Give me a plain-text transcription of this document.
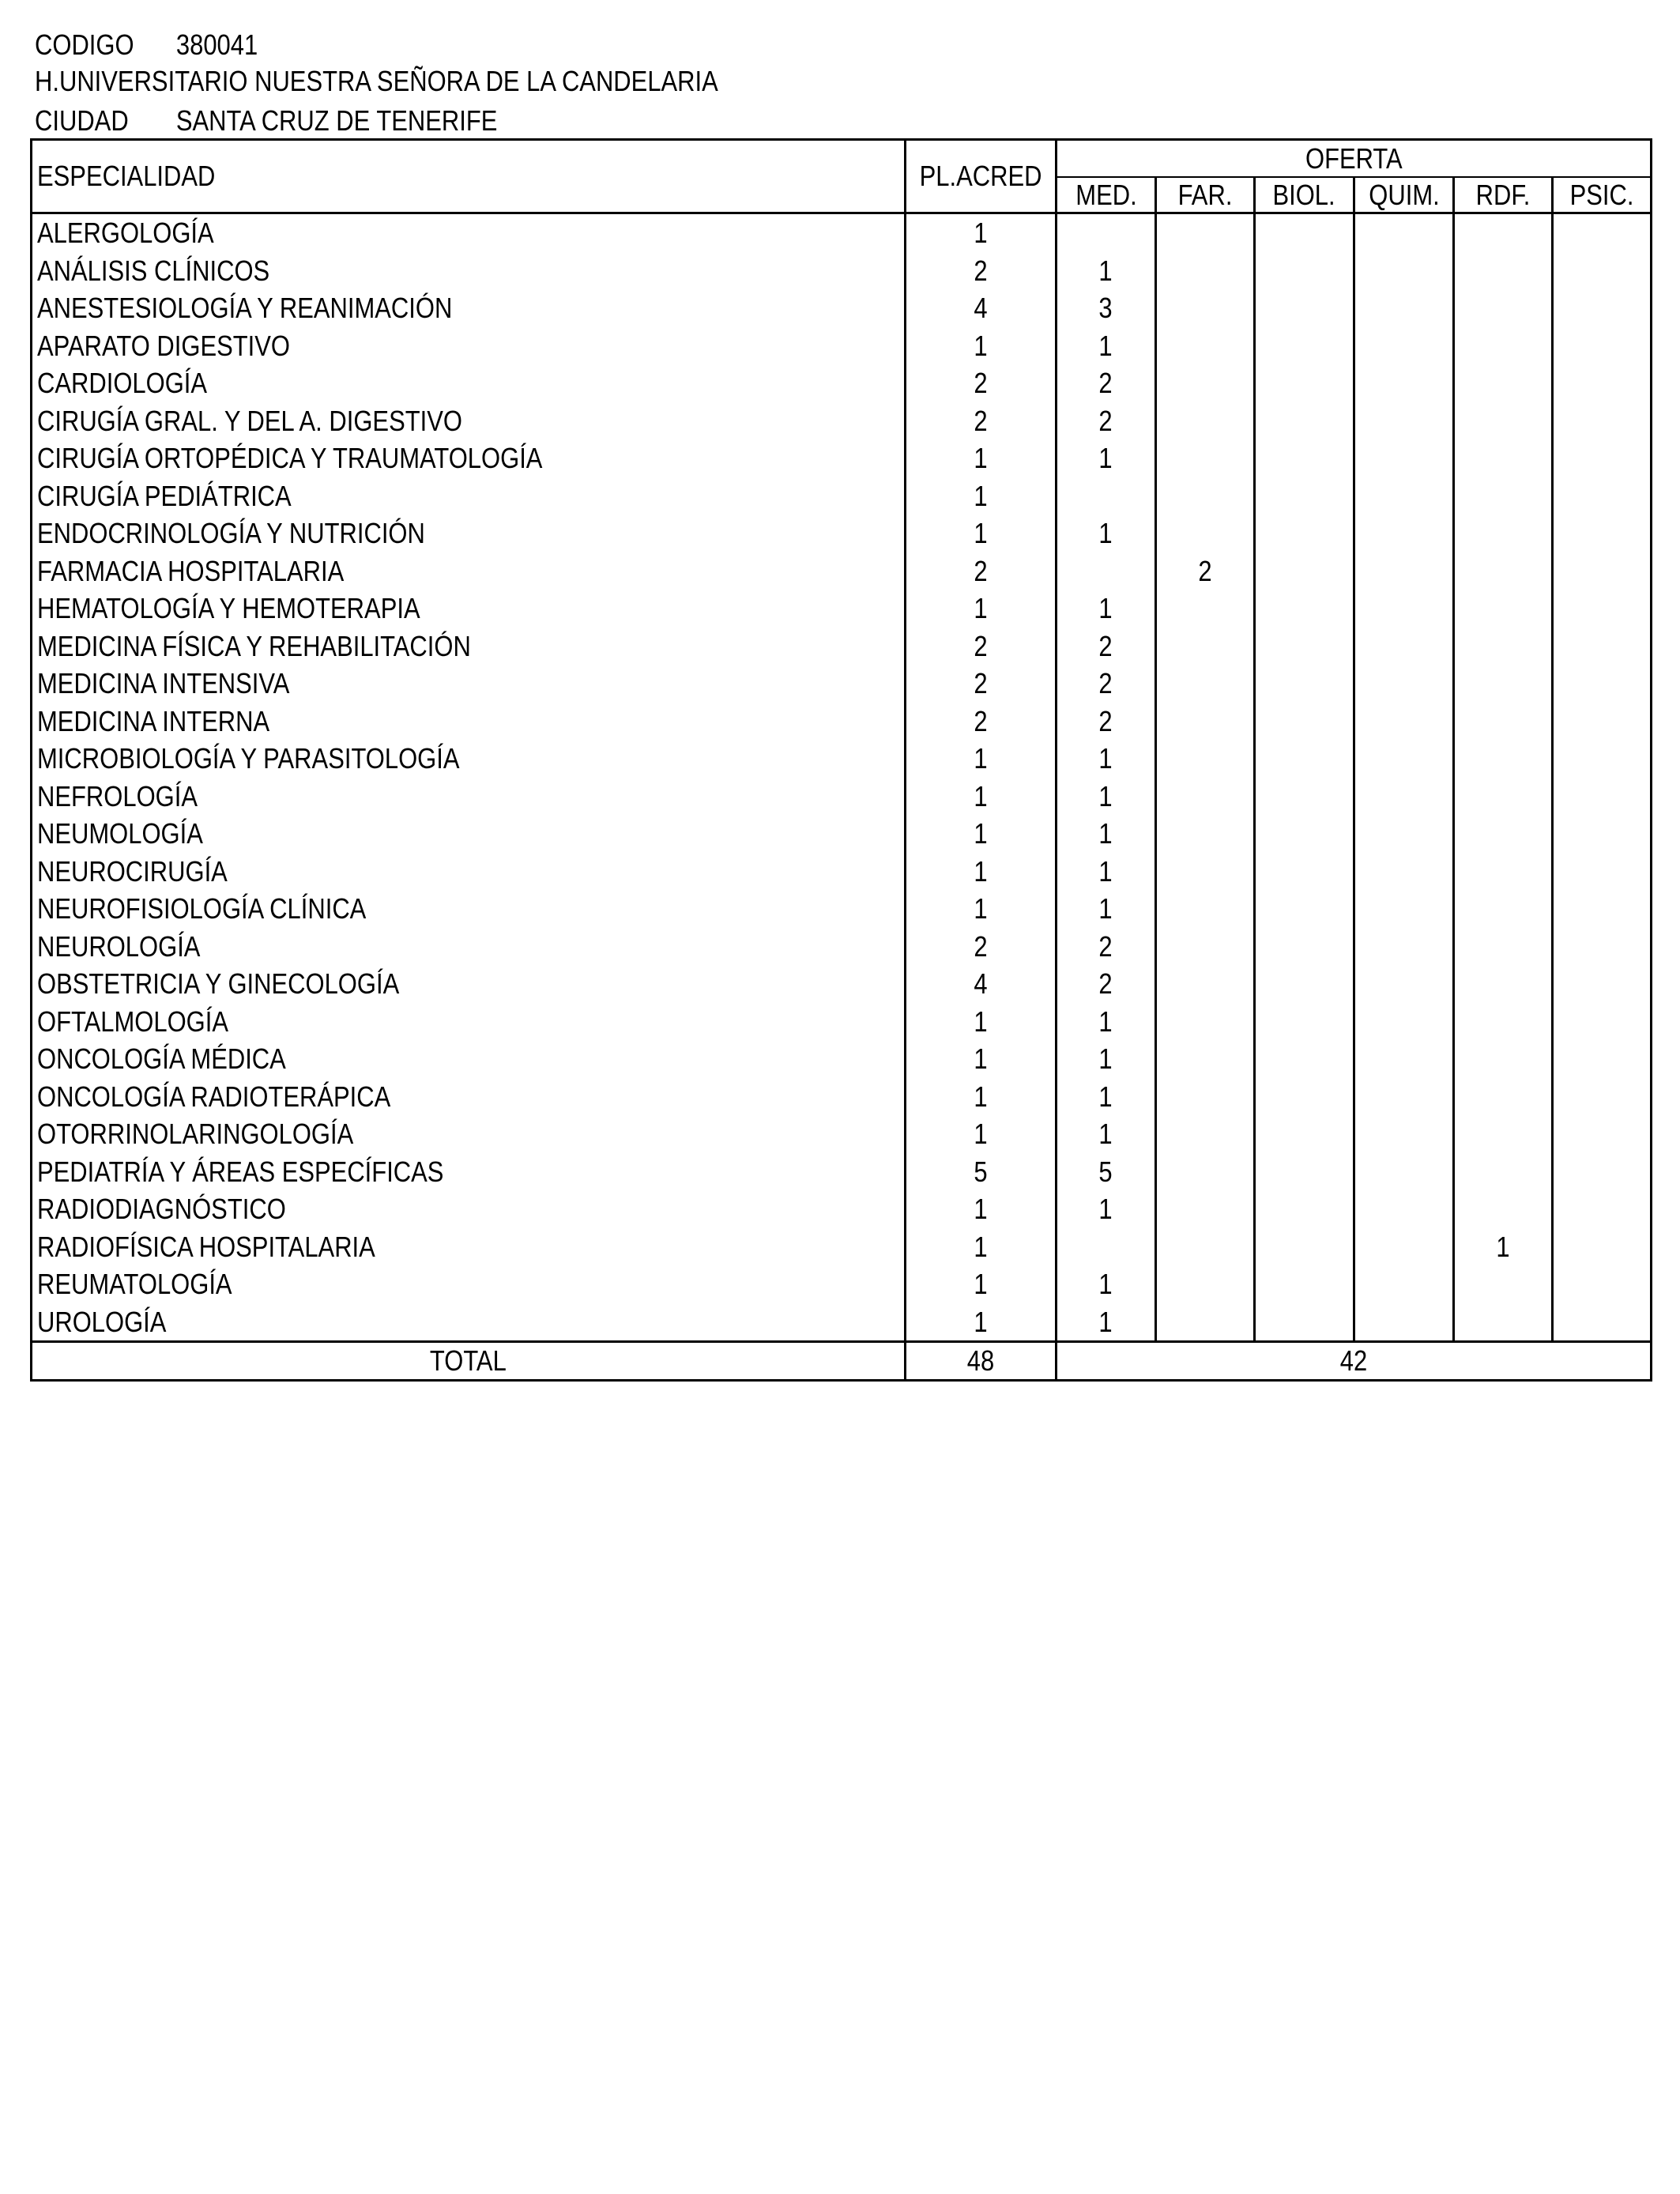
CODIGO 380041
H.UNIVERSITARIO NUESTRA SEÑORA DE LA CANDELARIA
CIUDAD SANTA CRUZ DE TENERIFE
ESPECIALIDAD	PL.ACRED	OFERTA					
		MED.	FAR.	BIOL.	QUIM.	RDF.	PSIC.
ALERGOLOGÍA	1						
ANÁLISIS CLÍNICOS	2	1					
ANESTESIOLOGÍA Y REANIMACIÓN	4	3					
APARATO DIGESTIVO	1	1					
CARDIOLOGÍA	2	2					
CIRUGÍA GRAL. Y DEL A. DIGESTIVO	2	2					
CIRUGÍA ORTOPÉDICA Y TRAUMATOLOGÍA	1	1					
CIRUGÍA PEDIÁTRICA	1						
ENDOCRINOLOGÍA Y NUTRICIÓN	1	1					
FARMACIA HOSPITALARIA	2		2				
HEMATOLOGÍA Y HEMOTERAPIA	1	1					
MEDICINA FÍSICA Y REHABILITACIÓN	2	2					
MEDICINA INTENSIVA	2	2					
MEDICINA INTERNA	2	2					
MICROBIOLOGÍA Y PARASITOLOGÍA	1	1					
NEFROLOGÍA	1	1					
NEUMOLOGÍA	1	1					
NEUROCIRUGÍA	1	1					
NEUROFISIOLOGÍA CLÍNICA	1	1					
NEUROLOGÍA	2	2					
OBSTETRICIA Y GINECOLOGÍA	4	2					
OFTALMOLOGÍA	1	1					
ONCOLOGÍA MÉDICA	1	1					
ONCOLOGÍA RADIOTERÁPICA	1	1					
OTORRINOLARINGOLOGÍA	1	1					
PEDIATRÍA Y ÁREAS ESPECÍFICAS	5	5					
RADIODIAGNÓSTICO	1	1					
RADIOFÍSICA HOSPITALARIA	1					1	
REUMATOLOGÍA	1	1					
UROLOGÍA	1	1					
TOTAL	48	42					
